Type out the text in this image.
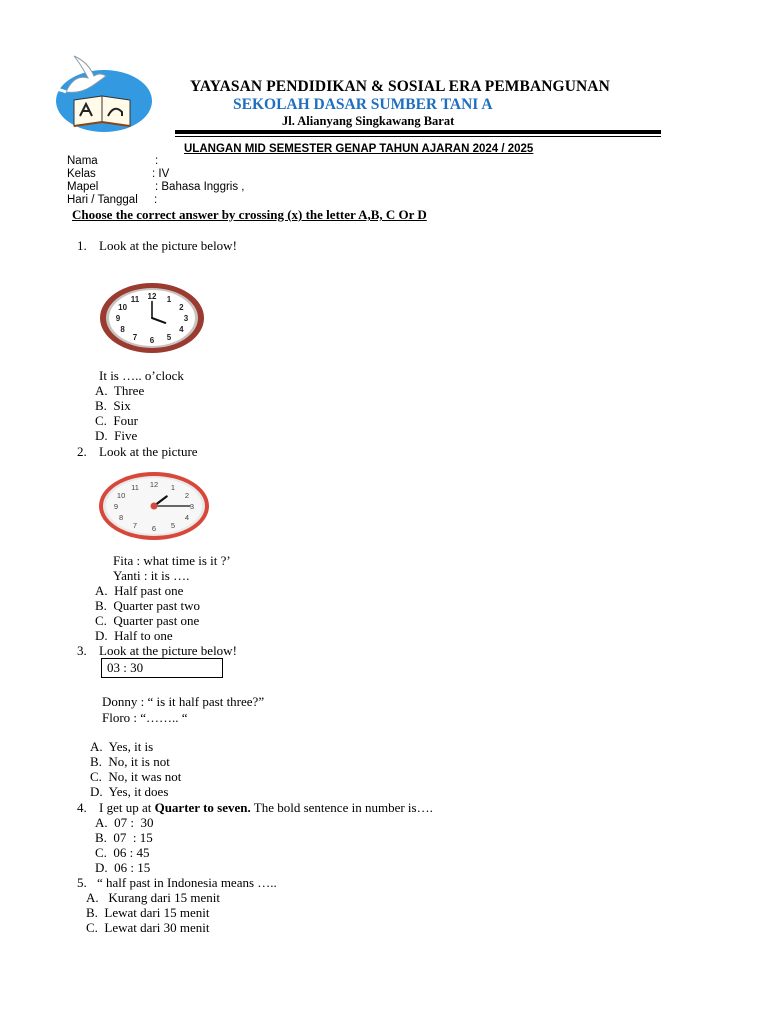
YAYASAN PENDIDIKAN & SOSIAL ERA PEMBANGUNAN
SEKOLAH DASAR SUMBER TANI A
Jl. Alianyang Singkawang Barat
ULANGAN MID SEMESTER GENAP TAHUN AJARAN 2024 / 2025
Nama	:
Kelas	: IV
Mapel	: Bahasa Inggris ,
Hari / Tanggal :
Choose the correct answer by crossing (x) the letter A,B, C Or D
1. Look at the picture below!
1
2
3
4
5
6
7
8
9
10
11 12
It is ….. o’clock
A. Three
B. Six
C. Four
D. Five
2. Look at the picture
1
2
3
4
5
6
7
8
9
10
11 12
Fita : what time is it ?’
Yanti : it is ….
A. Half past one
B. Quarter past two
C. Quarter past one
D. Half to one
3. Look at the picture below!
03 : 30
Donny : “ is it half past three?”
Floro : “…….. “
A. Yes, it is
B. No, it is not
C. No, it was not
D. Yes, it does
4. I get up at Quarter to seven. The bold sentence in number is….
A. 07 :  30
B. 07  : 15
C. 06 : 45
D. 06 : 15
5. “ half past in Indonesia means …..
A. Kurang dari 15 menit
B. Lewat dari 15 menit
C. Lewat dari 30 menit
